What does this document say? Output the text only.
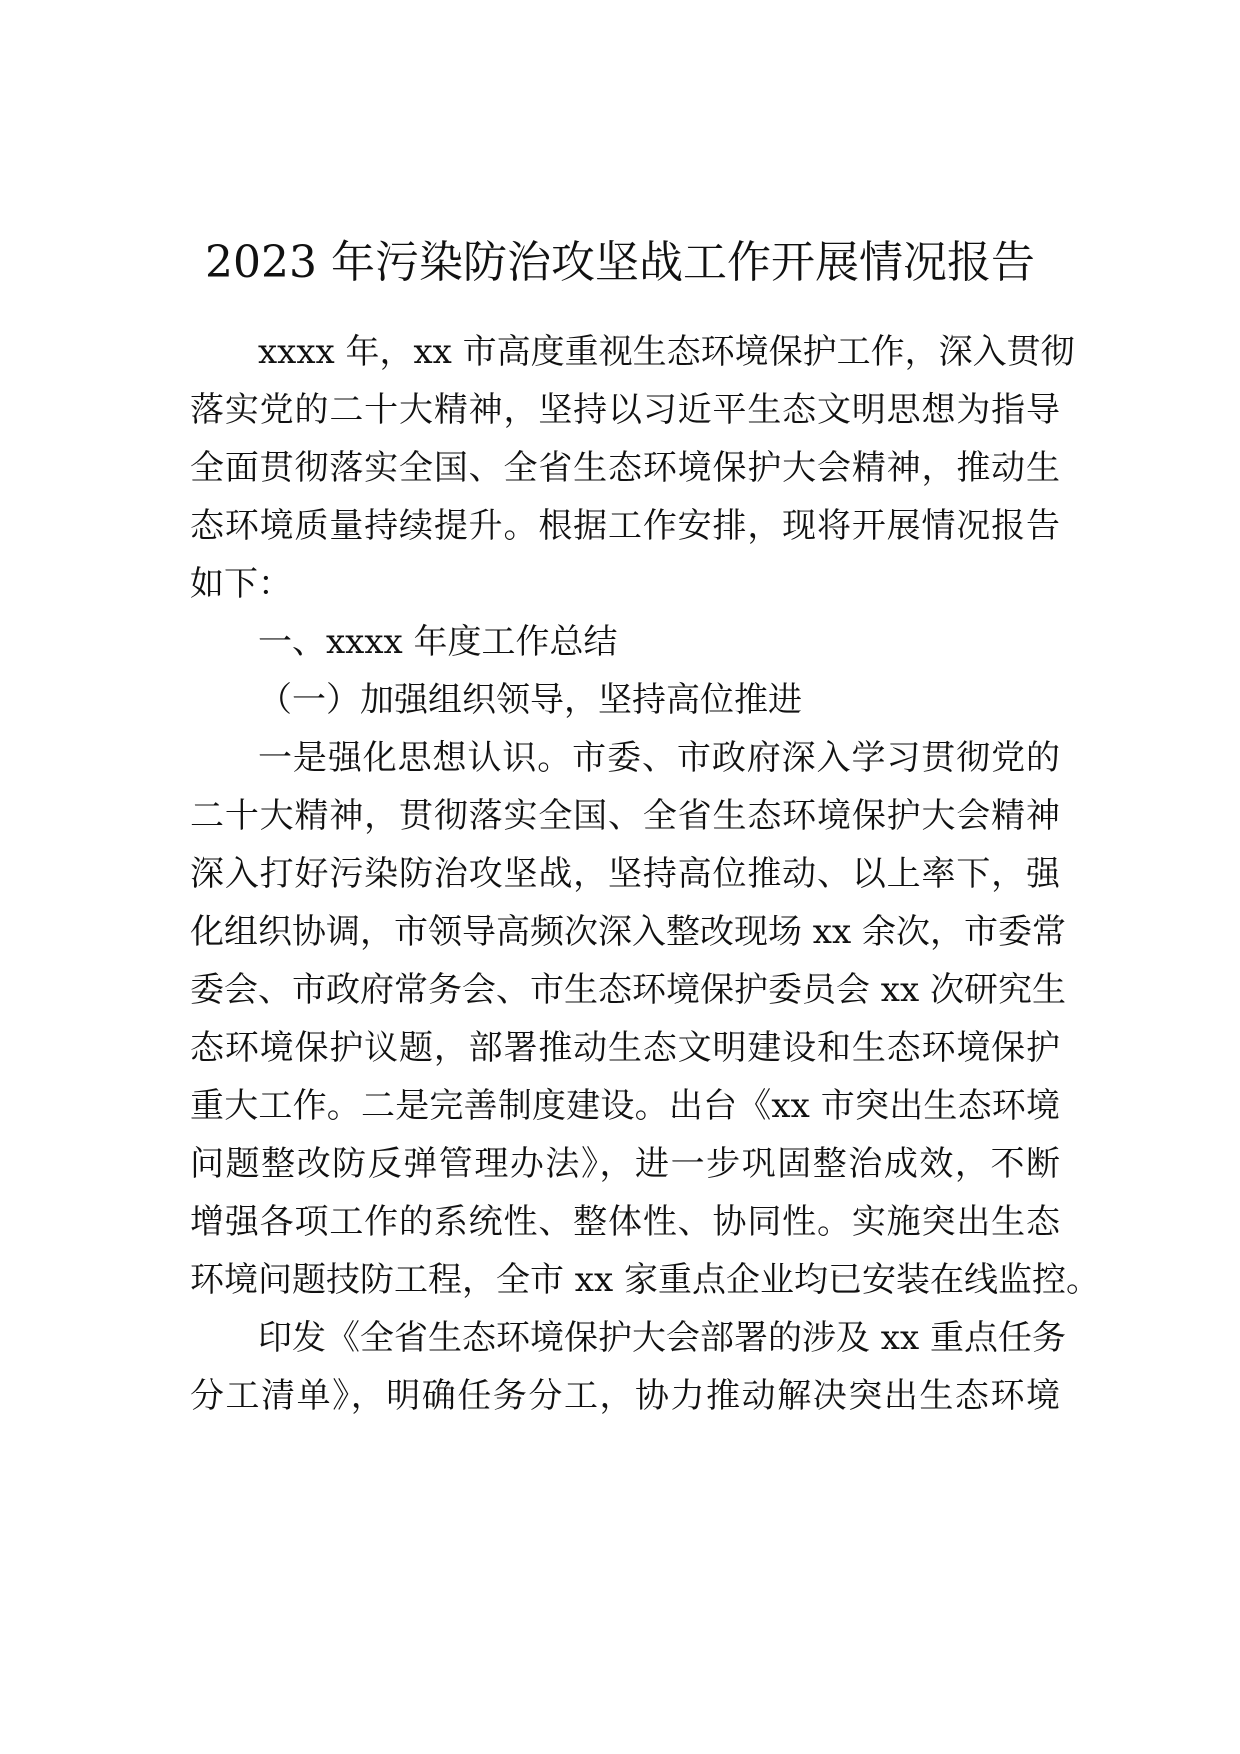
2023 年污染防治攻坚战工作开展情况报告
xxxx 年，xx 市高度重视生态环境保护工作，深入贯彻
落实党的二十大精神，坚持以习近平生态文明思想为指导
全面贯彻落实全国、全省生态环境保护大会精神，推动生
态环境质量持续提升。根据工作安排，现将开展情况报告
如下：
一、xxxx 年度工作总结
（一）加强组织领导，坚持高位推进
一是强化思想认识。市委、市政府深入学习贯彻党的
二十大精神，贯彻落实全国、全省生态环境保护大会精神
深入打好污染防治攻坚战，坚持高位推动、以上率下，强
化组织协调，市领导高频次深入整改现场 xx 余次，市委常
委会、市政府常务会、市生态环境保护委员会 xx 次研究生
态环境保护议题，部署推动生态文明建设和生态环境保护
重大工作。二是完善制度建设。出台《xx 市突出生态环境
问题整改防反弹管理办法》，进一步巩固整治成效，不断
增强各项工作的系统性、整体性、协同性。实施突出生态
环境问题技防工程，全市 xx 家重点企业均已安装在线监控。
印发《全省生态环境保护大会部署的涉及 xx 重点任务
分工清单》，明确任务分工，协力推动解决突出生态环境
